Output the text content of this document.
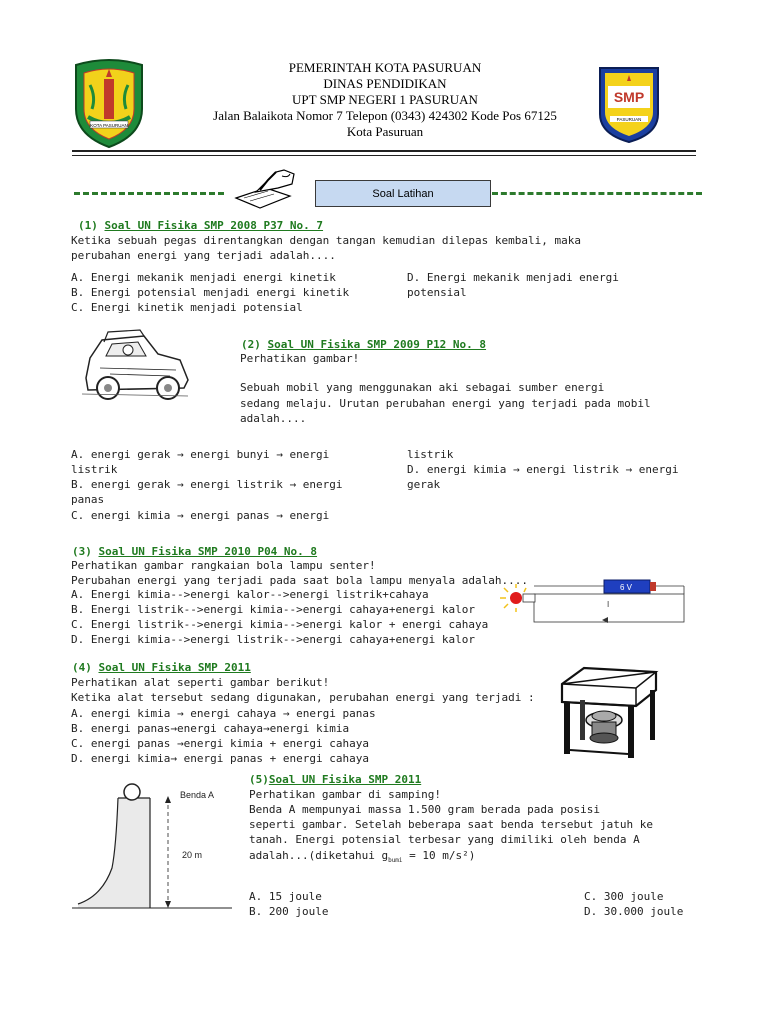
KOTA PASURUAN
PEMERINTAH KOTA PASURUAN
DINAS PENDIDIKAN
UPT SMP NEGERI 1 PASURUAN
Jalan Balaikota Nomor 7 Telepon (0343) 424302 Kode Pos 67125
Kota Pasuruan
SMP
PASURUAN
Soal Latihan
(1) Soal UN Fisika SMP 2008 P37 No. 7
Ketika sebuah pegas direntangkan dengan tangan kemudian dilepas kembali, maka
perubahan energi yang terjadi adalah....
A. Energi mekanik menjadi energi kinetik
B. Energi potensial menjadi energi kinetik
C. Energi kinetik menjadi potensial
D. Energi mekanik menjadi energi
potensial
(2) Soal UN Fisika SMP 2009 P12 No. 8
Perhatikan gambar!
Sebuah mobil yang menggunakan aki sebagai sumber energi
sedang melaju. Urutan perubahan energi yang terjadi pada mobil
adalah....
A. energi gerak → energi bunyi → energi
listrik
B. energi gerak → energi listrik → energi
panas
C. energi kimia → energi panas → energi
listrik
D. energi kimia → energi listrik → energi
gerak
(3) Soal UN Fisika SMP 2010 P04 No. 8
Perhatikan gambar rangkaian bola lampu senter!
Perubahan energi yang terjadi pada saat bola lampu menyala adalah....
A. Energi kimia-->energi kalor-->energi listrik+cahaya
B. Energi listrik-->energi kimia-->energi cahaya+energi kalor
C. Energi listrik-->energi kimia-->energi kalor + energi cahaya
D. Energi kimia-->energi listrik-->energi cahaya+energi kalor
6 V
I
(4) Soal UN Fisika SMP 2011
Perhatikan alat seperti gambar berikut!
Ketika alat tersebut sedang digunakan, perubahan energi yang terjadi :
A. energi kimia → energi cahaya → energi panas
B. energi panas→energi cahaya→energi kimia
C. energi panas →energi kimia + energi cahaya
D. energi kimia→ energi panas + energi cahaya
Benda A
20 m
(5)Soal UN Fisika SMP 2011
Perhatikan gambar di samping!
Benda A mempunyai massa 1.500 gram berada pada posisi
seperti gambar. Setelah beberapa saat benda tersebut jatuh ke
tanah. Energi potensial terbesar yang dimiliki oleh benda A
adalah...(diketahui $g_{bumi} = 10$ m/s²)
A. 15 joule
B. 200 joule
C. 300 joule
D. 30.000 joule
